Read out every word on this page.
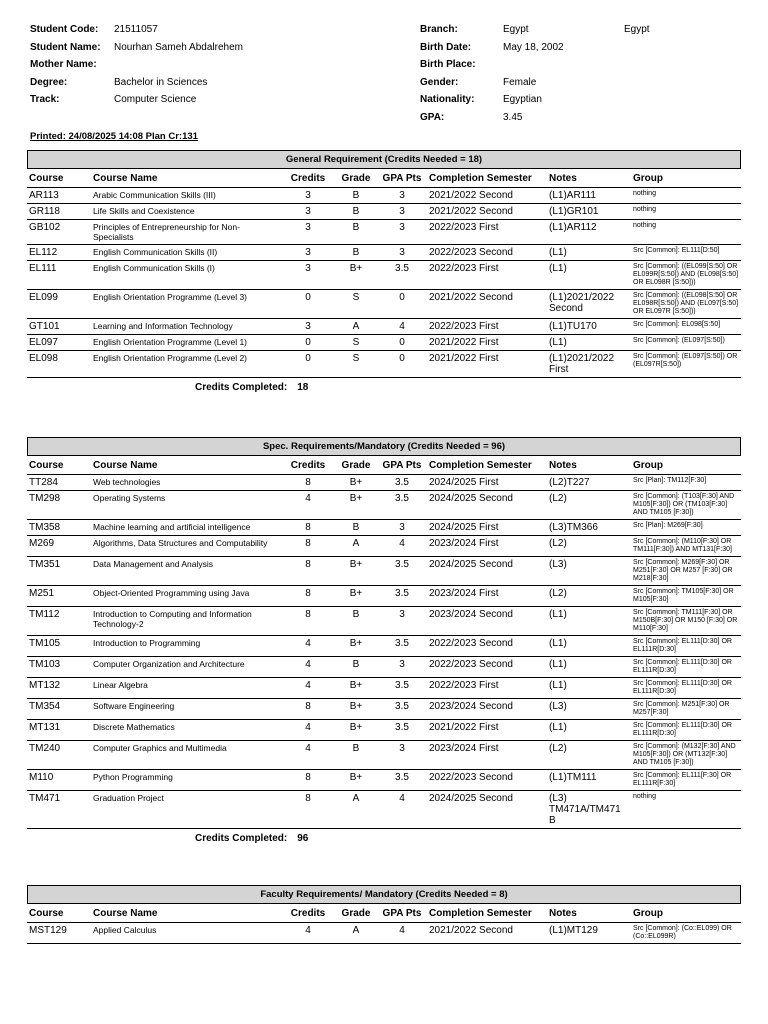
Student Code: 21511057	Branch:	Egypt	Egypt
Student Name: Nourhan Sameh Abdalrehem	Birth Date:	May 18, 2002
Mother Name:	Birth Place:
Degree:	Bachelor in Sciences	Gender:	Female
Track:	Computer Science	Nationality:	Egyptian
GPA:	3.45
Printed: 24/08/2025 14:08 Plan Cr:131
General Requirement (Credits Needed = 18)
Course	Course Name	Credits	Grade	GPA Pts	Completion Semester	Notes	Group
AR113	Arabic Communication Skills (III)	3	B	3	2021/2022 Second	(L1)AR111	nothing
GR118	Life Skills and Coexistence	3	B	3	2021/2022 Second	(L1)GR101	nothing
GB102	Principles of Entrepreneurship for Non-Specialists	3	B	3	2022/2023 First	(L1)AR112	nothing
EL112	English Communication Skills (II)	3	B	3	2022/2023 Second	(L1)	Src [Common]: EL111[D:50]
EL111	English Communication Skills (I)	3	B+	3.5	2022/2023 First	(L1)	Src [Common]: ((EL099[S:50] OR EL099R[S:50]) AND (EL098[S:50] OR EL098R [S:50]))
EL099	English Orientation Programme (Level 3)	0	S	0	2021/2022 Second	(L1)2021/2022 Second	Src [Common]: ((EL098[S:50] OR EL098R[S:50]) AND (EL097[S:50] OR EL097R [S:50]))
GT101	Learning and Information Technology	3	A	4	2022/2023 First	(L1)TU170	Src [Common]: EL098[S:50]
EL097	English Orientation Programme (Level 1)	0	S	0	2021/2022 First	(L1)	Src [Common]: (EL097[S:50])
EL098	English Orientation Programme (Level 2)	0	S	0	2021/2022 First	(L1)2021/2022 First	Src [Common]: (EL097[S:50]) OR (EL097R[S:50])
Credits Completed: 18
Spec. Requirements/Mandatory (Credits Needed = 96)
Course	Course Name	Credits	Grade	GPA Pts	Completion Semester	Notes	Group
TT284	Web technologies	8	B+	3.5	2024/2025 First	(L2)T227	Src [Plan]: TM112[F:30]
TM298	Operating Systems	4	B+	3.5	2024/2025 Second	(L2)	Src [Common]: (T103[F:30] AND M105[F:30]) OR (TM103[F:30] AND TM105 [F:30])
TM358	Machine learning and artificial intelligence	8	B	3	2024/2025 First	(L3)TM366	Src [Plan]: M269[F:30]
M269	Algorithms, Data Structures and Computability	8	A	4	2023/2024 First	(L2)	Src [Common]: (M110[F:30] OR TM111[F:30]) AND MT131[F:30]
TM351	Data Management and Analysis	8	B+	3.5	2024/2025 Second	(L3)	Src [Common]: M269[F:30] OR M251[F:30] OR M257 [F:30] OR M218[F:30]
M251	Object-Oriented Programming using Java	8	B+	3.5	2023/2024 First	(L2)	Src [Common]: TM105[F:30] OR M105[F:30]
TM112	Introduction to Computing and Information Technology-2	8	B	3	2023/2024 Second	(L1)	Src [Common]: TM111[F:30] OR M150B[F:30] OR M150 [F:30] OR M110[F:30]
TM105	Introduction to Programming	4	B+	3.5	2022/2023 Second	(L1)	Src [Common]: EL111[D:30] OR EL111R[D:30]
TM103	Computer Organization and Architecture	4	B	3	2022/2023 Second	(L1)	Src [Common]: EL111[D:30] OR EL111R[D:30]
MT132	Linear Algebra	4	B+	3.5	2022/2023 First	(L1)	Src [Common]: EL111[D:30] OR EL111R[D:30]
TM354	Software Engineering	8	B+	3.5	2023/2024 Second	(L3)	Src [Common]: M251[F:30] OR M257[F:30]
MT131	Discrete Mathematics	4	B+	3.5	2021/2022 First	(L1)	Src [Common]: EL111[D:30] OR EL111R[D:30]
TM240	Computer Graphics and Multimedia	4	B	3	2023/2024 First	(L2)	Src [Common]: (M132[F:30] AND M105[F:30]) OR (MT132[F:30] AND TM105 [F:30])
M110	Python Programming	8	B+	3.5	2022/2023 Second	(L1)TM111	Src [Common]: EL111[F:30] OR EL111R[F:30]
TM471	Graduation Project	8	A	4	2024/2025 Second	(L3) TM471A/TM471 B	nothing
Credits Completed: 96
Faculty Requirements/ Mandatory (Credits Needed = 8)
Course	Course Name	Credits	Grade	GPA Pts	Completion Semester	Notes	Group
MST129	Applied Calculus	4	A	4	2021/2022 Second	(L1)MT129	Src [Common]: (Co::EL099) OR (Co::EL099R)
